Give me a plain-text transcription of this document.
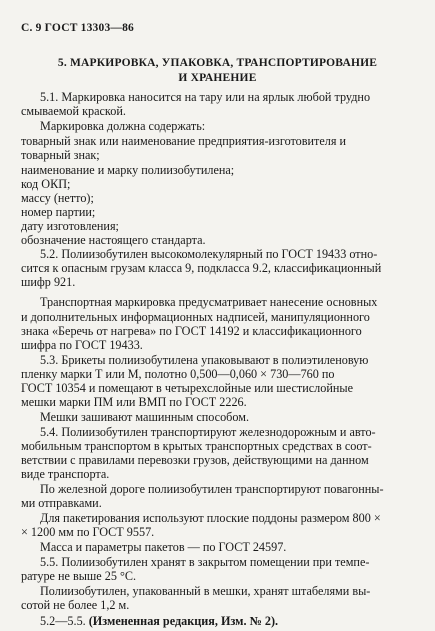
С. 9 ГОСТ 13303—86
5. МАРКИРОВКА, УПАКОВКА, ТРАНСПОРТИРОВАНИЕ
И ХРАНЕНИЕ
5.1. Маркировка наносится на тару или на ярлык любой трудно
смываемой краской.
Маркировка должна содержать:
товарный знак или наименование предприятия-изготовителя и
товарный знак;
наименование и марку полиизобутилена;
код ОКП;
массу (нетто);
номер партии;
дату изготовления;
обозначение настоящего стандарта.
5.2. Полиизобутилен высокомолекулярный по ГОСТ 19433 отно-
сится к опасным грузам класса 9, подкласса 9.2, классификационный
шифр 921.
Транспортная маркировка предусматривает нанесение основных
и дополнительных информационных надписей, манипуляционного
знака «Беречь от нагрева» по ГОСТ 14192 и классификационного
шифра по ГОСТ 19433.
5.3. Брикеты полиизобутилена упаковывают в полиэтиленовую
пленку марки Т или М, полотно 0,500—0,060 × 730—760 по
ГОСТ 10354 и помещают в четырехслойные или шестислойные
мешки марки ПМ или ВМП по ГОСТ 2226.
Мешки зашивают машинным способом.
5.4. Полиизобутилен транспортируют железнодорожным и авто-
мобильным транспортом в крытых транспортных средствах в соот-
ветствии с правилами перевозки грузов, действующими на данном
виде транспорта.
По железной дороге полиизобутилен транспортируют повагонны-
ми отправками.
Для пакетирования используют плоские поддоны размером 800 ×
× 1200 мм по ГОСТ 9557.
Масса и параметры пакетов — по ГОСТ 24597.
5.5. Полиизобутилен хранят в закрытом помещении при темпе-
ратуре не выше 25 °С.
Полиизобутилен, упакованный в мешки, хранят штабелями вы-
сотой не более 1,2 м.
5.2—5.5. (Измененная редакция, Изм. № 2).
